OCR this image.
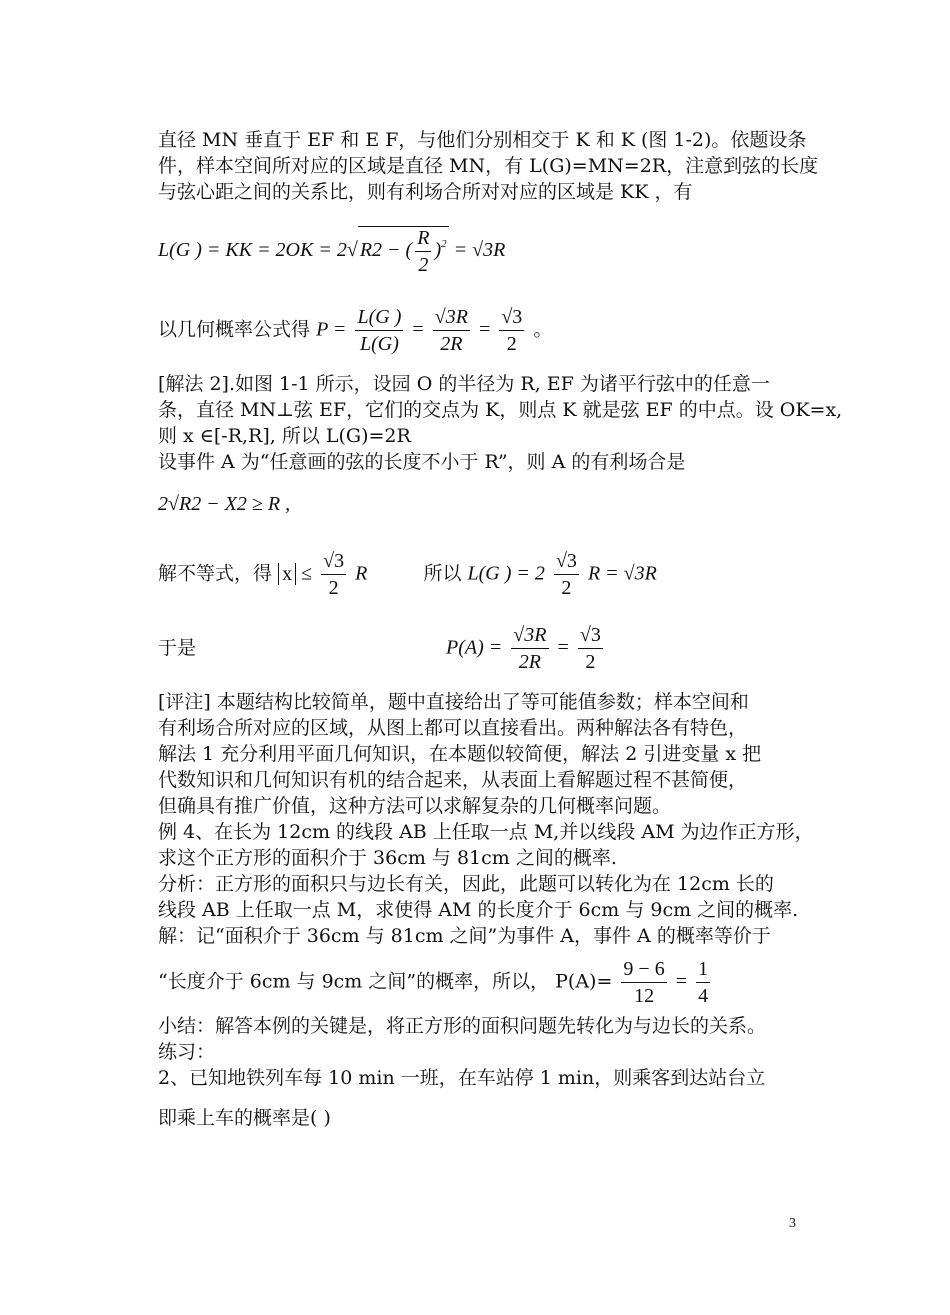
直径 MN 垂直于 EF 和 E F，与他们分别相交于 K 和 K (图 1-2)。依题设条
件，样本空间所对应的区域是直径 MN，有 L(G)=MN=2R，注意到弦的长度
与弦心距之间的关系比，则有利场合所对对应的区域是 KK ，有
L(G ) = KK = 2OK = 2√ R2 − ( $\frac{R}{2} )^2 = √3R$
以几何概率公式得 $P = \frac{L(G )}{L(G)} = \frac{√3R}{2R} = \frac{√3}{2}$ 。
[解法 2].如图 1-1 所示，设园 O 的半径为 R, EF 为诸平行弦中的任意一
条，直径 MN⊥弦 EF，它们的交点为 K，则点 K 就是弦 EF 的中点。设 OK=x,
则 x ∈[-R,R], 所以 L(G)=2R
设事件 A 为“任意画的弦的长度不小于 R”，则 A 的有利场合是
2√R2 − X2 ≥ R ,
解不等式，得 $x \le \frac{√3}{2}$ R	所以 L(G ) = $2 \frac{√3}{2}$ R = √3R
于是	$P(A) = \frac{√3R}{2R} = \frac{√3}{2}$
[评注] 本题结构比较简单，题中直接给出了等可能值参数；样本空间和
有利场合所对应的区域，从图上都可以直接看出。两种解法各有特色，
解法 1 充分利用平面几何知识，在本题似较简便，解法 2 引进变量 x 把
代数知识和几何知识有机的结合起来，从表面上看解题过程不甚简便，
但确具有推广价值，这种方法可以求解复杂的几何概率问题。
例 4、在长为 12cm 的线段 AB 上任取一点 M,并以线段 AM 为边作正方形，
求这个正方形的面积介于 36cm 与 81cm 之间的概率.
分析：正方形的面积只与边长有关，因此，此题可以转化为在 12cm 长的
线段 AB 上任取一点 M，求使得 AM 的长度介于 6cm 与 9cm 之间的概率.
解：记“面积介于 36cm 与 81cm 之间”为事件 A，事件 A 的概率等价于
“长度介于 6cm 与 9cm 之间”的概率，所以， $P(A)= \frac{9 - 6}{12} = \frac{1}{4}$
小结：解答本例的关键是，将正方形的面积问题先转化为与边长的关系。
练习：
2、已知地铁列车每 10 min 一班，在车站停 1 min，则乘客到达站台立
即乘上车的概率是( )
3
